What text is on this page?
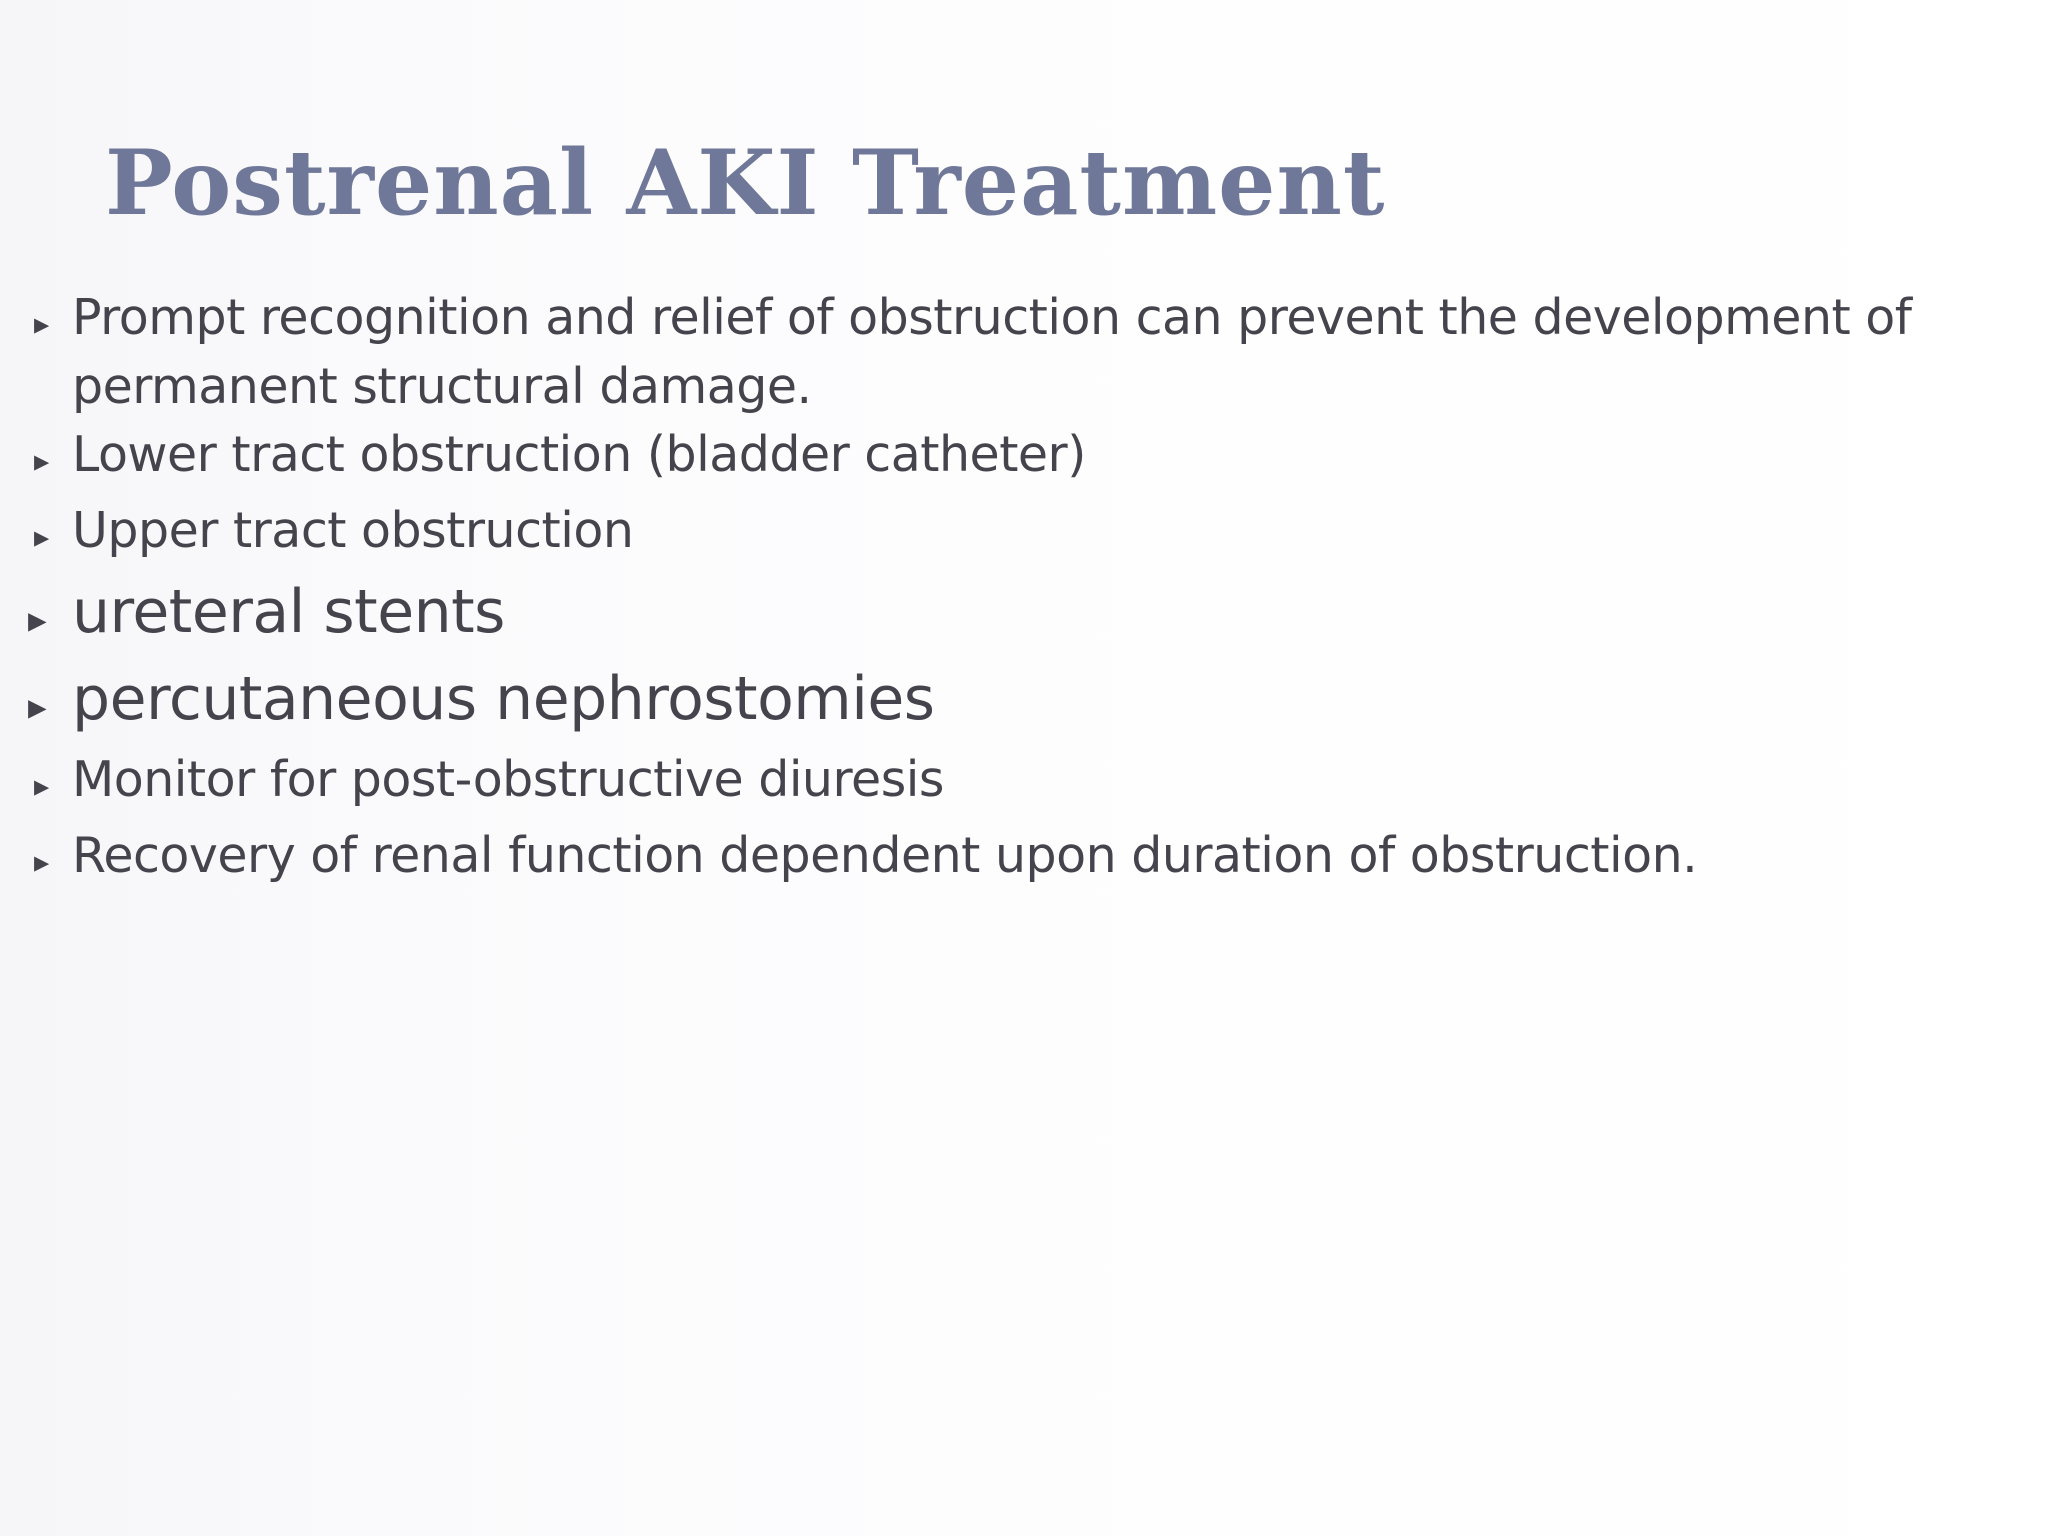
Postrenal AKI Treatment
▸ Prompt recognition and relief of obstruction can prevent the development of permanent structural damage.
▸ Lower tract obstruction (bladder catheter)
▸ Upper tract obstruction
▸ ureteral stents
▸ percutaneous nephrostomies
▸ Monitor for post-obstructive diuresis
▸ Recovery of renal function dependent upon duration of obstruction.
